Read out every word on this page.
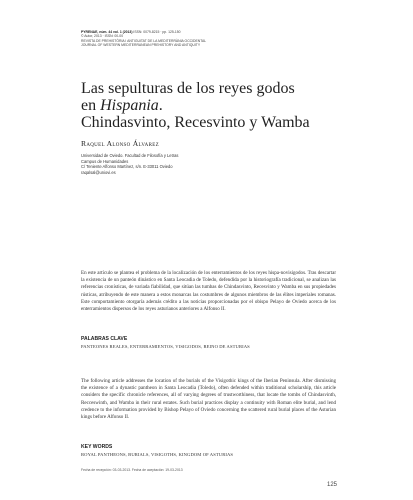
PYRENAE, núm. 44 vol. 1 (2013) ISSN: 0079-8215 · pp. 125-150
© Autor, 2013 · ISSN: 00-00
REVISTA DE PREHISTÒRIA I ANTIGUITAT DE LA MEDITERRÀNIA OCCIDENTAL
JOURNAL OF WESTERN MEDITERRANEAN PREHISTORY AND ANTIQUITY
Las sepulturas de los reyes godos
en Hispania.
Chindasvinto, Recesvinto y Wamba
Raquel Alonso Álvarez
Universidad de Oviedo. Facultad de Filosofía y Letras
Campus de Humanidades
C/ Teniente Alfonso Martínez, s/n. E-33011 Oviedo
raqalsal@uniovi.es
En este artículo se plantea el problema de la localización de los enterramientos de los reyes hispa-novisigodos. Tras descartar la existencia de un panteón dinástico en Santa Leocadia de Toledo, defendida por la historiografía tradicional, se analizan las referencias cronísticas, de variada fiabilidad, que sitúan las tumbas de Chindasvinto, Recesvinto y Wamba en sus propiedades rústicas, atribuyendo de este manera a estos monarcas las costumbres de algunos miembros de las élites imperiales romanas. Este comportamiento otorgaría además crédito a las noticias proporcionadas por el obispo Pelayo de Oviedo acerca de los enterramientos dispersos de los reyes asturianos anteriores a Alfonso II.
PALABRAS CLAVE
PANTEONES REALES, ENTERRAMIENTOS, VISIGODOS, REINO DE ASTURIAS
The following article addresses the location of the burials of the Visigothic kings of the Iberian Peninsula. After dismissing the existence of a dynastic pantheon in Santa Leocadia (Toledo), often defended within traditional scholarship, this article considers the specific chronicle references, all of varying degrees of trustworthiness, that locate the tombs of Chindasvinth, Recceswinth, and Wamba in their rural estates. Such burial practices display a continuity with Roman elite burial, and lend credence to the information provided by Bishop Pelayo of Oviedo concerning the scattered rural burial places of the Asturian kings before Alfonso II.
KEY WORDS
ROYAL PANTHEONS, BURIALS, VISIGOTHS, KINGDOM OF ASTURIAS
Fecha de recepción: 03-03-2013. Fecha de aceptación: 19-03-2013
125
